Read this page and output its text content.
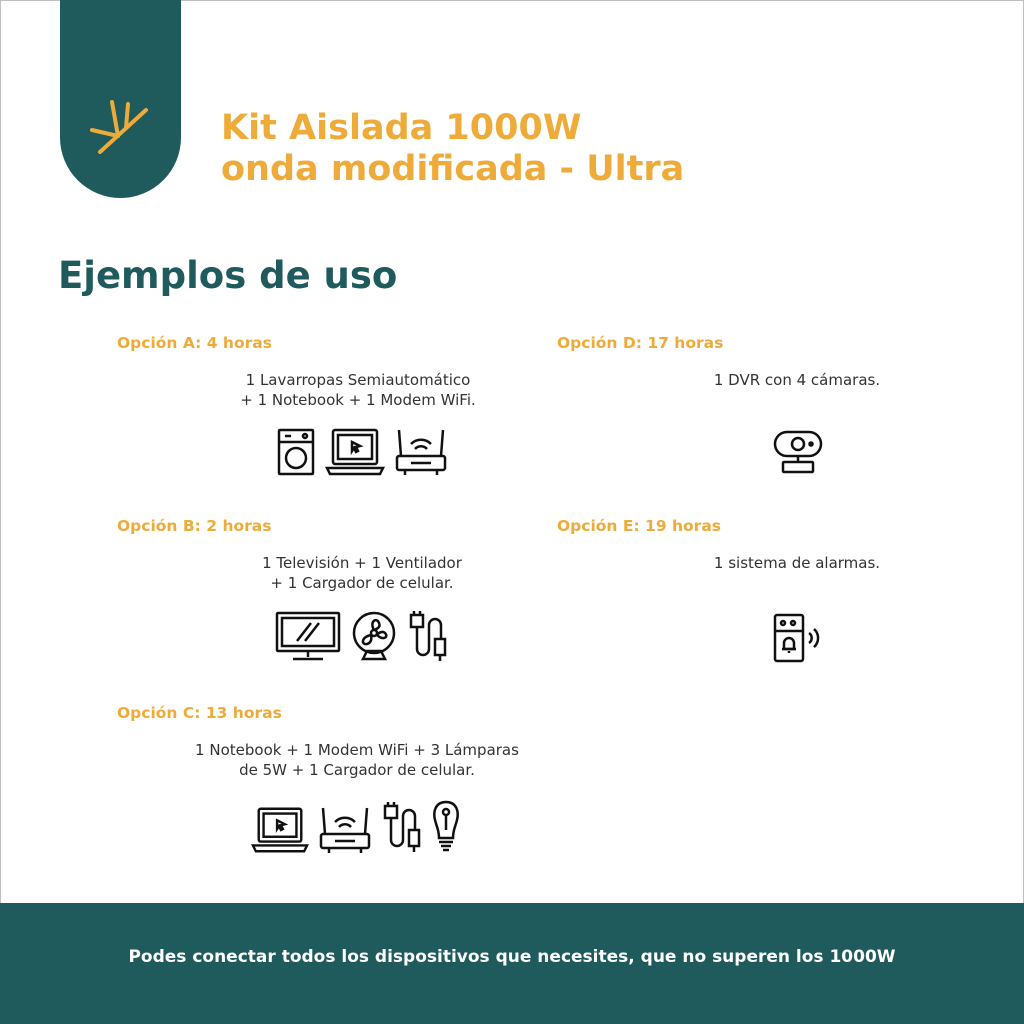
Kit Aislada 1000W
onda modificada - Ultra
Ejemplos de uso

Opción A: 4 horas

1 Lavarropas Semiautomático
+ 1 Notebook + 1 Modem WiFi.

Opción B: 2 horas

1 Televisión + 1 Ventilador
+ 1 Cargador de celular.

Opción C: 13 horas

1 Notebook + 1 Modem WiFi + 3 Lámparas
de 5W + 1 Cargador de celular.

Opción D: 17 horas

1 DVR con 4 cámaras.

Opción E: 19 horas

1 sistema de alarmas.

Podes conectar todos los dispositivos que necesites, que no superen los 1000W
